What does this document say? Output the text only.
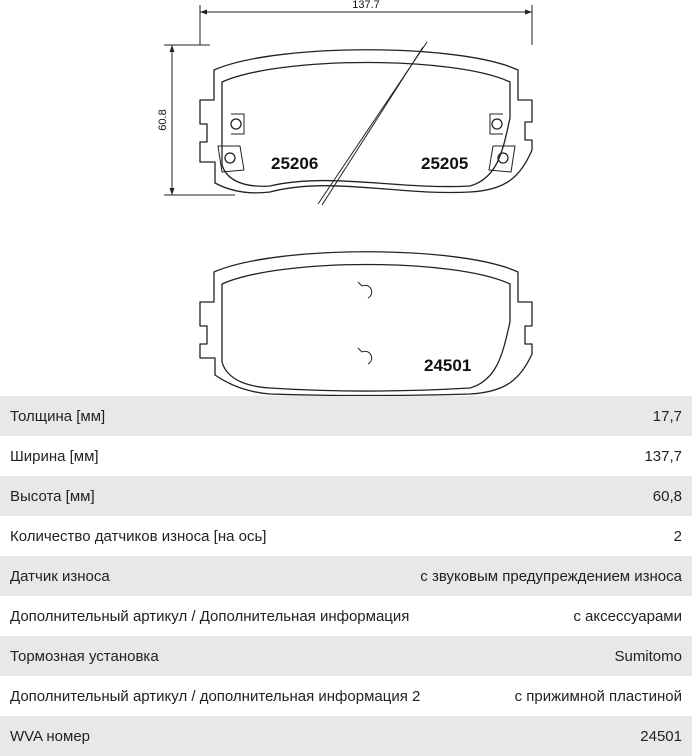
137.7
60.8
25206	25205
24501
Толщина [мм]	17,7
Ширина [мм]	137,7
Высота [мм]	60,8
Количество датчиков износа [на ось]	2
Датчик износа	с звуковым предупреждением износа
Дополнительный артикул / Дополнительная информация	с аксессуарами
Тормозная установка	Sumitomo
Дополнительный артикул / дополнительная информация 2	с прижимной пластиной
WVA номер	24501
